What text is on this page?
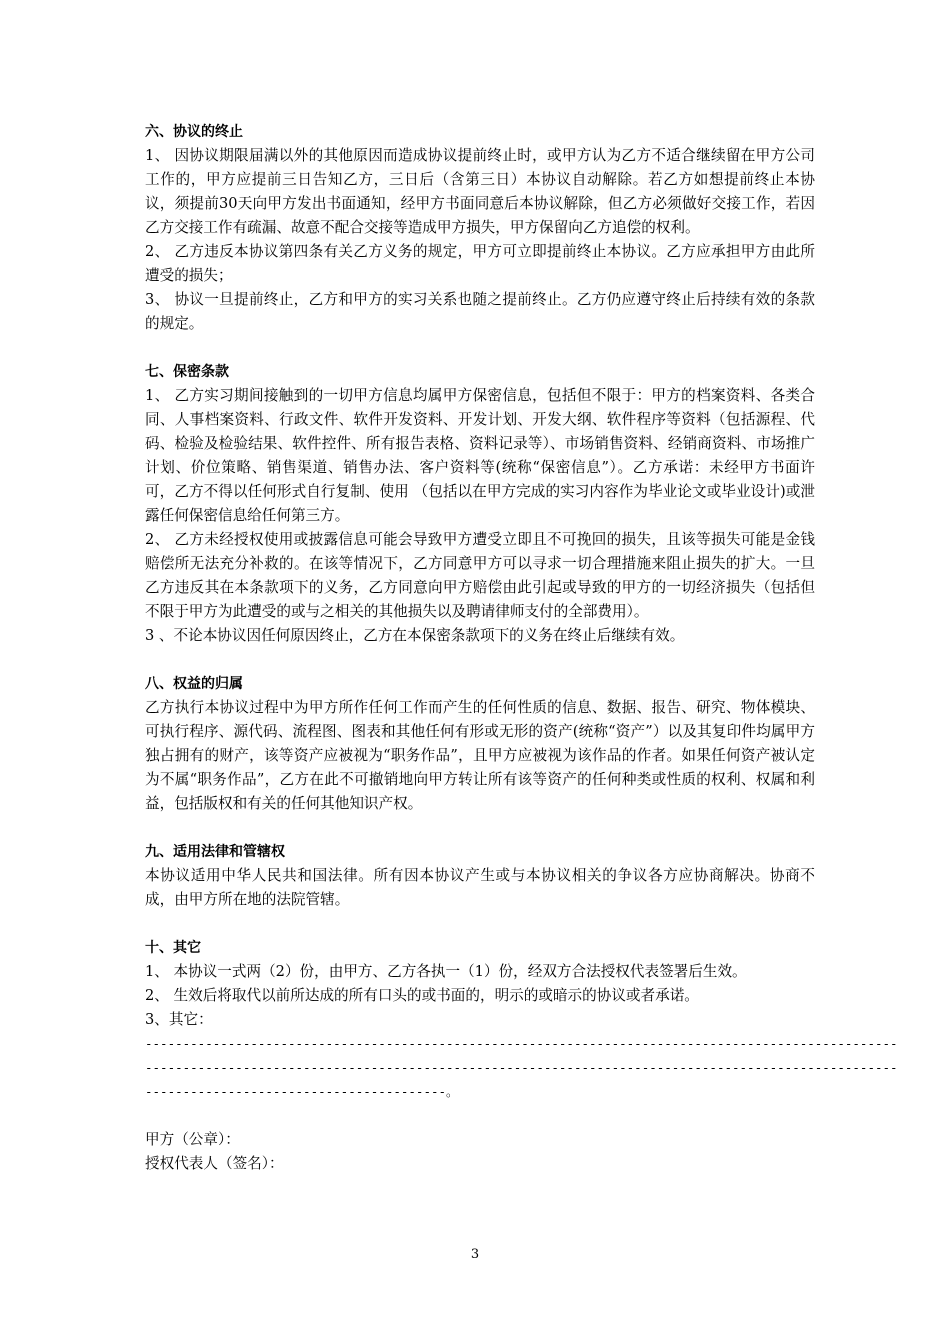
六、协议的终止

1、 因协议期限届满以外的其他原因而造成协议提前终止时，或甲方认为乙方不适合继续留在甲方公司工作的，甲方应提前三日告知乙方，三日后（含第三日）本协议自动解除。若乙方如想提前终止本协议，须提前30天向甲方发出书面通知，经甲方书面同意后本协议解除，但乙方必须做好交接工作，若因乙方交接工作有疏漏、故意不配合交接等造成甲方损失，甲方保留向乙方追偿的权利。

2、 乙方违反本协议第四条有关乙方义务的规定，甲方可立即提前终止本协议。乙方应承担甲方由此所遭受的损失；

3、 协议一旦提前终止，乙方和甲方的实习关系也随之提前终止。乙方仍应遵守终止后持续有效的条款的规定。

七、保密条款

1、 乙方实习期间接触到的一切甲方信息均属甲方保密信息，包括但不限于：甲方的档案资料、各类合同、人事档案资料、行政文件、软件开发资料、开发计划、开发大纲、软件程序等资料（包括源程、代码、检验及检验结果、软件控件、所有报告表格、资料记录等）、市场销售资料、经销商资料、市场推广计划、价位策略、销售渠道、销售办法、客户资料等(统称“保密信息”）。乙方承诺：未经甲方书面许可，乙方不得以任何形式自行复制、使用 （包括以在甲方完成的实习内容作为毕业论文或毕业设计)或泄露任何保密信息给任何第三方。

2、 乙方未经授权使用或披露信息可能会导致甲方遭受立即且不可挽回的损失，且该等损失可能是金钱赔偿所无法充分补救的。在该等情况下，乙方同意甲方可以寻求一切合理措施来阻止损失的扩大。一旦乙方违反其在本条款项下的义务，乙方同意向甲方赔偿由此引起或导致的甲方的一切经济损失（包括但不限于甲方为此遭受的或与之相关的其他损失以及聘请律师支付的全部费用）。

3 、不论本协议因任何原因终止，乙方在本保密条款项下的义务在终止后继续有效。

八、权益的归属

乙方执行本协议过程中为甲方所作任何工作而产生的任何性质的信息、数据、报告、研究、物体模块、可执行程序、源代码、流程图、图表和其他任何有形或无形的资产(统称“资产”）以及其复印件均属甲方独占拥有的财产，该等资产应被视为“职务作品”，且甲方应被视为该作品的作者。如果任何资产被认定为不属“职务作品”，乙方在此不可撤销地向甲方转让所有该等资产的任何种类或性质的权利、权属和利益，包括版权和有关的任何其他知识产权。

九、适用法律和管辖权

本协议适用中华人民共和国法律。所有因本协议产生或与本协议相关的争议各方应协商解决。协商不成，由甲方所在地的法院管辖。

十、其它

1、 本协议一式两（2）份，由甲方、乙方各执一（1）份，经双方合法授权代表签署后生效。

2、 生效后将取代以前所达成的所有口头的或书面的，明示的或暗示的协议或者承诺。

3、其它：

----------------------------------------------------------------------------------------------------

----------------------------------------------------------------------------------------------------

----------------------------------------。

甲方（公章）：

授权代表人（签名）：

3
